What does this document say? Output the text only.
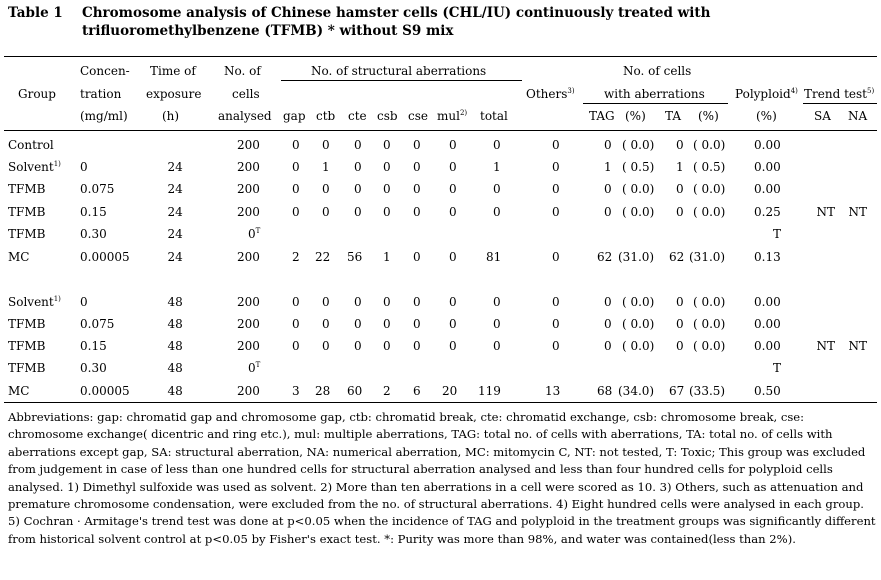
Table 1 Chromosome analysis of Chinese hamster cells (CHL/IU) continuously treated with trifluoromethylbenzene (TFMB) * without S9 mix
Group
Concen-
tration
(mg/ml)
Time of
exposure
(h)
No. of
cells
analysed
No. of structural aberrations
gap ctb cte csb cse mul$^{2)}$ total
Others$^{3)}$
No. of cells
with aberrations
TAG (%) TA (%)
Polyploid$^{4)}$
(%)
Trend test$^{5)}$
SA NA
Control	200	0 0 0 0 0 0	0	0	0 ( 0.0) 0 ( 0.0) 0.00
Solvent$^{1)}$ 0	24	200	0 1 0 0 0 0	1	0	1 ( 0.5) 1 ( 0.5) 0.00
TFMB	0.075	24	200	0 0 0 0 0 0	0	0	0 ( 0.0) 0 ( 0.0) 0.00
TFMB	0.15	24	200	0 0 0 0 0 0	0	0	0 ( 0.0) 0 ( 0.0) 0.25	NT NT
TFMB	0.30	24	$0^T$	T
MC	0.00005	24	200	2 22 56 1 0 0 81	0	62 (31.0) 62 (31.0) 0.13
Solvent$^{1)}$ 0	48	200	0 0 0 0 0 0	0	0	0 ( 0.0) 0 ( 0.0) 0.00
TFMB	0.075	48	200	0 0 0 0 0 0	0	0	0 ( 0.0) 0 ( 0.0) 0.00
TFMB	0.15	48	200	0 0 0 0 0 0	0	0	0 ( 0.0) 0 ( 0.0) 0.00	NT NT
TFMB	0.30	48	$0^T$	T
MC	0.00005	48	200	3 28 60 2 6 20 119	13	68 (34.0) 67 (33.5) 0.50
Abbreviations: gap: chromatid gap and chromosome gap, ctb: chromatid break, cte: chromatid exchange, csb: chromosome break, cse: chromosome exchange( dicentric and ring etc.), mul: multiple aberrations, TAG: total no. of cells with aberrations, TA: total no. of cells with aberrations except gap, SA: structural aberration, NA: numerical aberration, MC: mitomycin C, NT: not tested, T: Toxic; This group was excluded from judgement in case of less than one hundred cells for structural aberration analysed and less than four hundred cells for polyploid cells analysed. 1) Dimethyl sulfoxide was used as solvent. 2) More than ten aberrations in a cell were scored as 10. 3) Others, such as attenuation and premature chromosome condensation, were excluded from the no. of structural aberrations. 4) Eight hundred cells were analysed in each group. 5) Cochran · Armitage's trend test was done at p<0.05 when the incidence of TAG and polyploid in the treatment groups was significantly different from historical solvent control at p<0.05 by Fisher's exact test. *: Purity was more than 98%, and water was contained(less than 2%).
